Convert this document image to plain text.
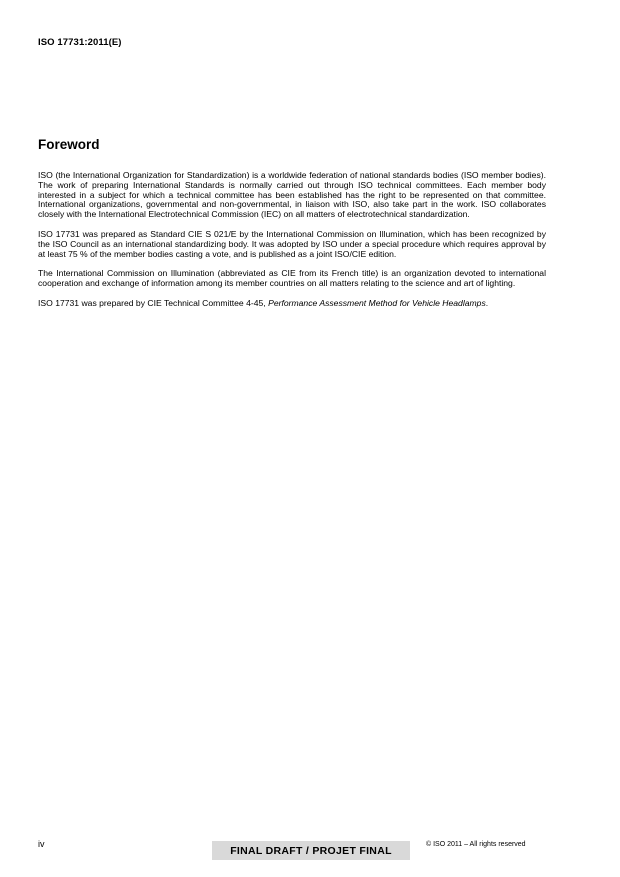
ISO 17731:2011(E)
Foreword

ISO (the International Organization for Standardization) is a worldwide federation of national standards bodies (ISO member bodies). The work of preparing International Standards is normally carried out through ISO technical committees. Each member body interested in a subject for which a technical committee has been established has the right to be represented on that committee. International organizations, governmental and non-governmental, in liaison with ISO, also take part in the work. ISO collaborates closely with the International Electrotechnical Commission (IEC) on all matters of electrotechnical standardization.

ISO 17731 was prepared as Standard CIE S 021/E by the International Commission on Illumination, which has been recognized by the ISO Council as an international standardizing body. It was adopted by ISO under a special procedure which requires approval by at least 75 % of the member bodies casting a vote, and is published as a joint ISO/CIE edition.

The International Commission on Illumination (abbreviated as CIE from its French title) is an organization devoted to international cooperation and exchange of information among its member countries on all matters relating to the science and art of lighting.

ISO 17731 was prepared by CIE Technical Committee 4-45, Performance Assessment Method for Vehicle Headlamps.

iv
FINAL DRAFT / PROJET FINAL
© ISO 2011 – All rights reserved
